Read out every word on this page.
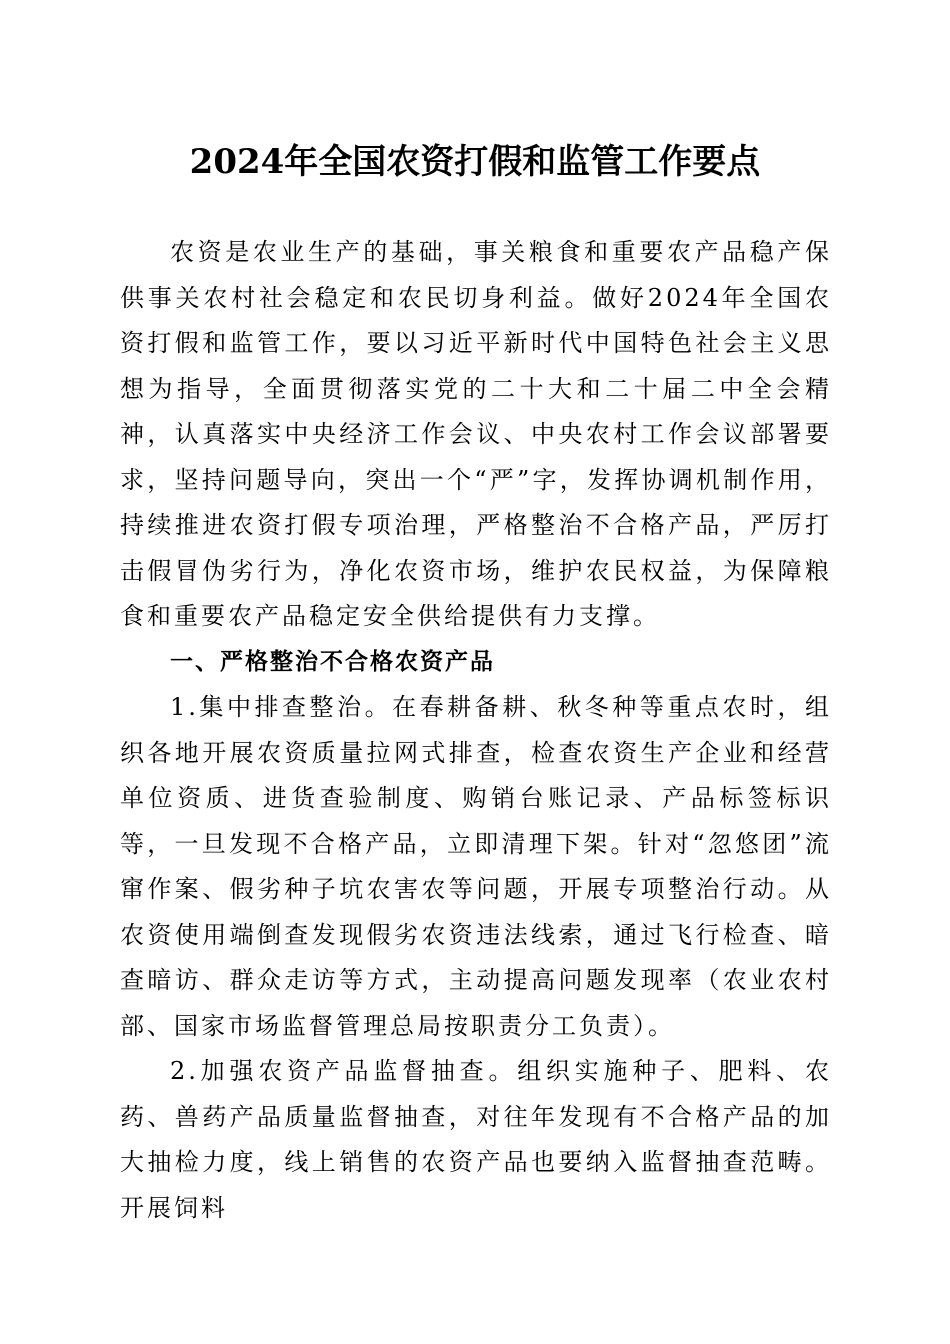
2024年全国农资打假和监管工作要点

农资是农业生产的基础，事关粮食和重要农产品稳产保供事关农村社会稳定和农民切身利益。做好2024年全国农资打假和监管工作，要以习近平新时代中国特色社会主义思想为指导，全面贯彻落实党的二十大和二十届二中全会精神，认真落实中央经济工作会议、中央农村工作会议部署要求，坚持问题导向，突出一个“严”字，发挥协调机制作用，持续推进农资打假专项治理，严格整治不合格产品，严厉打击假冒伪劣行为，净化农资市场，维护农民权益，为保障粮食和重要农产品稳定安全供给提供有力支撑。

一、严格整治不合格农资产品

1.集中排查整治。在春耕备耕、秋冬种等重点农时，组织各地开展农资质量拉网式排查，检查农资生产企业和经营单位资质、进货查验制度、购销台账记录、产品标签标识等，一旦发现不合格产品，立即清理下架。针对“忽悠团”流窜作案、假劣种子坑农害农等问题，开展专项整治行动。从农资使用端倒查发现假劣农资违法线索，通过飞行检查、暗查暗访、群众走访等方式，主动提高问题发现率（农业农村部、国家市场监督管理总局按职责分工负责）。

2.加强农资产品监督抽查。组织实施种子、肥料、农药、兽药产品质量监督抽查，对往年发现有不合格产品的加大抽检力度，线上销售的农资产品也要纳入监督抽查范畴。开展饲料
